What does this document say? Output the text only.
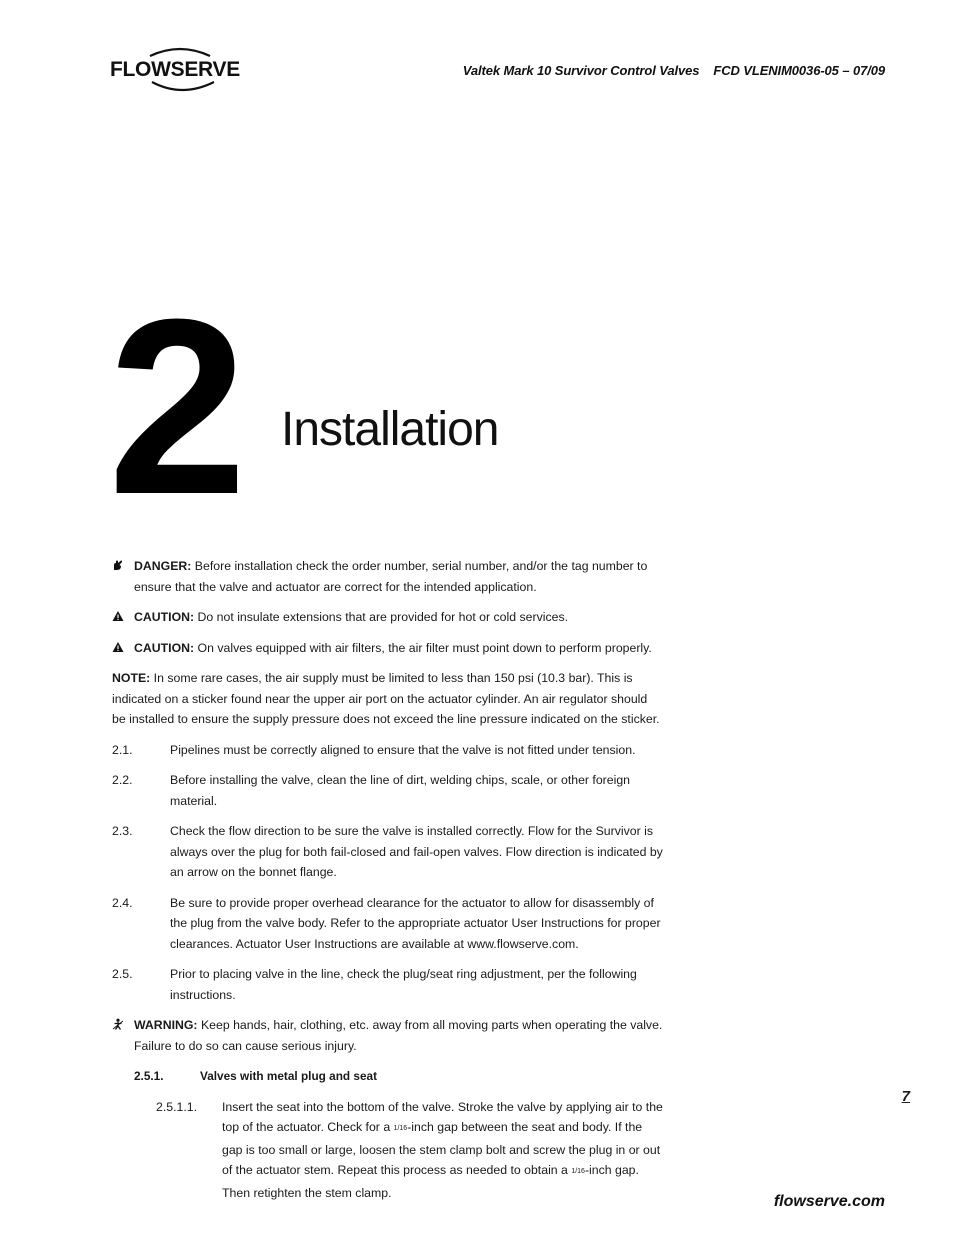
FLOWSERVE	Valtek Mark 10 Survivor Control Valves FCD VLENIM0036-05 – 07/09
2 Installation
DANGER: Before installation check the order number, serial number, and/or the tag number to ensure that the valve and actuator are correct for the intended application.
CAUTION: Do not insulate extensions that are provided for hot or cold services.
CAUTION: On valves equipped with air filters, the air filter must point down to perform properly.
NOTE: In some rare cases, the air supply must be limited to less than 150 psi (10.3 bar). This is indicated on a sticker found near the upper air port on the actuator cylinder. An air regulator should be installed to ensure the supply pressure does not exceed the line pressure indicated on the sticker.
2.1.	Pipelines must be correctly aligned to ensure that the valve is not fitted under tension.
2.2.	Before installing the valve, clean the line of dirt, welding chips, scale, or other foreign material.
2.3.	Check the flow direction to be sure the valve is installed correctly. Flow for the Survivor is always over the plug for both fail-closed and fail-open valves. Flow direction is indicated by an arrow on the bonnet flange.
2.4.	Be sure to provide proper overhead clearance for the actuator to allow for disassembly of the plug from the valve body. Refer to the appropriate actuator User Instructions for proper clearances. Actuator User Instructions are available at www.flowserve.com.
2.5.	Prior to placing valve in the line, check the plug/seat ring adjustment, per the following instructions.
WARNING: Keep hands, hair, clothing, etc. away from all moving parts when operating the valve. Failure to do so can cause serious injury.
2.5.1.	Valves with metal plug and seat
2.5.1.1.	Insert the seat into the bottom of the valve. Stroke the valve by applying air to the top of the actuator. Check for a 1/16-inch gap between the seat and body. If the gap is too small or large, loosen the stem clamp bolt and screw the plug in or out of the actuator stem. Repeat this process as needed to obtain a 1/16-inch gap. Then retighten the stem clamp.
7
flowserve.com
